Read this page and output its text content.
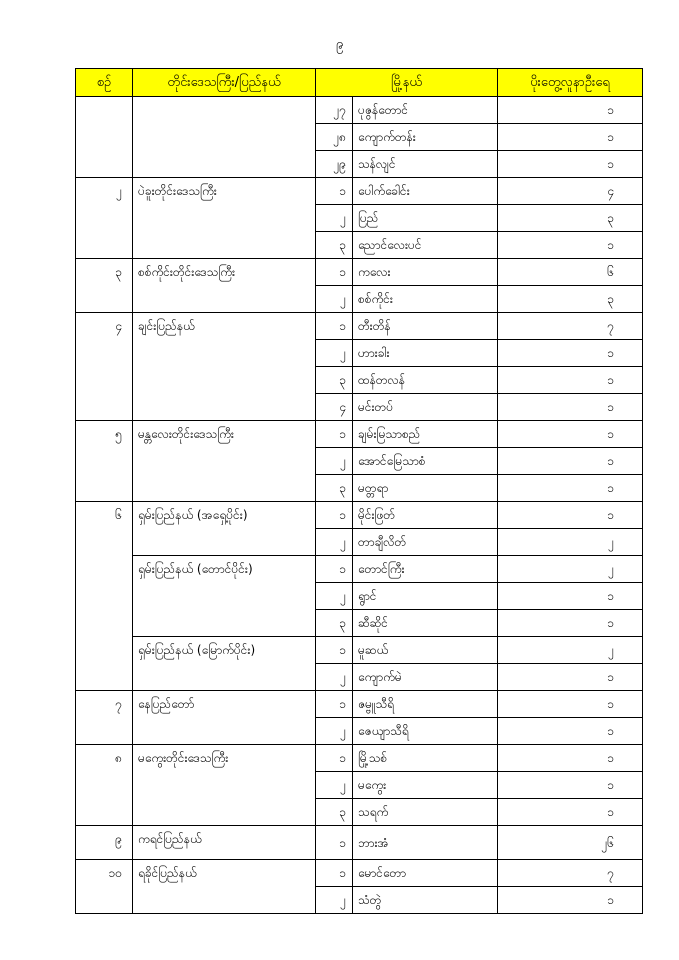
၉
စဉ်	တိုင်းဒေသကြီး/ပြည်နယ်	မြို့နယ်		ပိုးတွေ့လူနာဦးရေ
		၂၇	ပုဇွန်တောင်	၁
		၂၈	ကျောက်တန်း	၁
		၂၉	သန်လျင်	၁
၂	ပဲခူးတိုင်းဒေသကြီး	၁	ပေါက်ခေါင်း	၄
		၂	ပြည်	၃
		၃	ညောင်လေးပင်	၁
၃	စစ်ကိုင်းတိုင်းဒေသကြီး	၁	ကလေး	၆
		၂	စစ်ကိုင်း	၃
၄	ချင်းပြည်နယ်	၁	တီးတိန်	၇
		၂	ဟားခါး	၁
		၃	ထန်တလန်	၁
		၄	မင်းတပ်	၁
၅	မန္တလေးတိုင်းဒေသကြီး	၁	ချမ်းမြသာစည်	၁
		၂	အောင်မြေသာစံ	၁
		၃	မတ္တရာ	၁
၆	ရှမ်းပြည်နယ် (အရှေ့ပိုင်း)	၁	မိုင်းဖြတ်	၁
		၂	တာချီလိတ်	၂
	ရှမ်းပြည်နယ် (တောင်ပိုင်း)	၁	တောင်ကြီး	၂
		၂	ရွာင်	၁
		၃	ဆီဆိုင်	၁
	ရှမ်းပြည်နယ် (မြောက်ပိုင်း)	၁	မူဆယ်	၂
		၂	ကျောက်မဲ	၁
၇	နေပြည်တော်	၁	ဇမ္ဗူသီရိ	၁
		၂	ဇေယျာသီရိ	၁
၈	မကွေးတိုင်းဒေသကြီး	၁	မြို့သစ်	၁
		၂	မကွေး	၁
		၃	သရက်	၁
၉	ကရင်ပြည်နယ်	၁	ဘားအံ	၂၆
၁၀	ရခိုင်ပြည်နယ်	၁	မောင်တော	၇
		၂	သံတွဲ	၁
